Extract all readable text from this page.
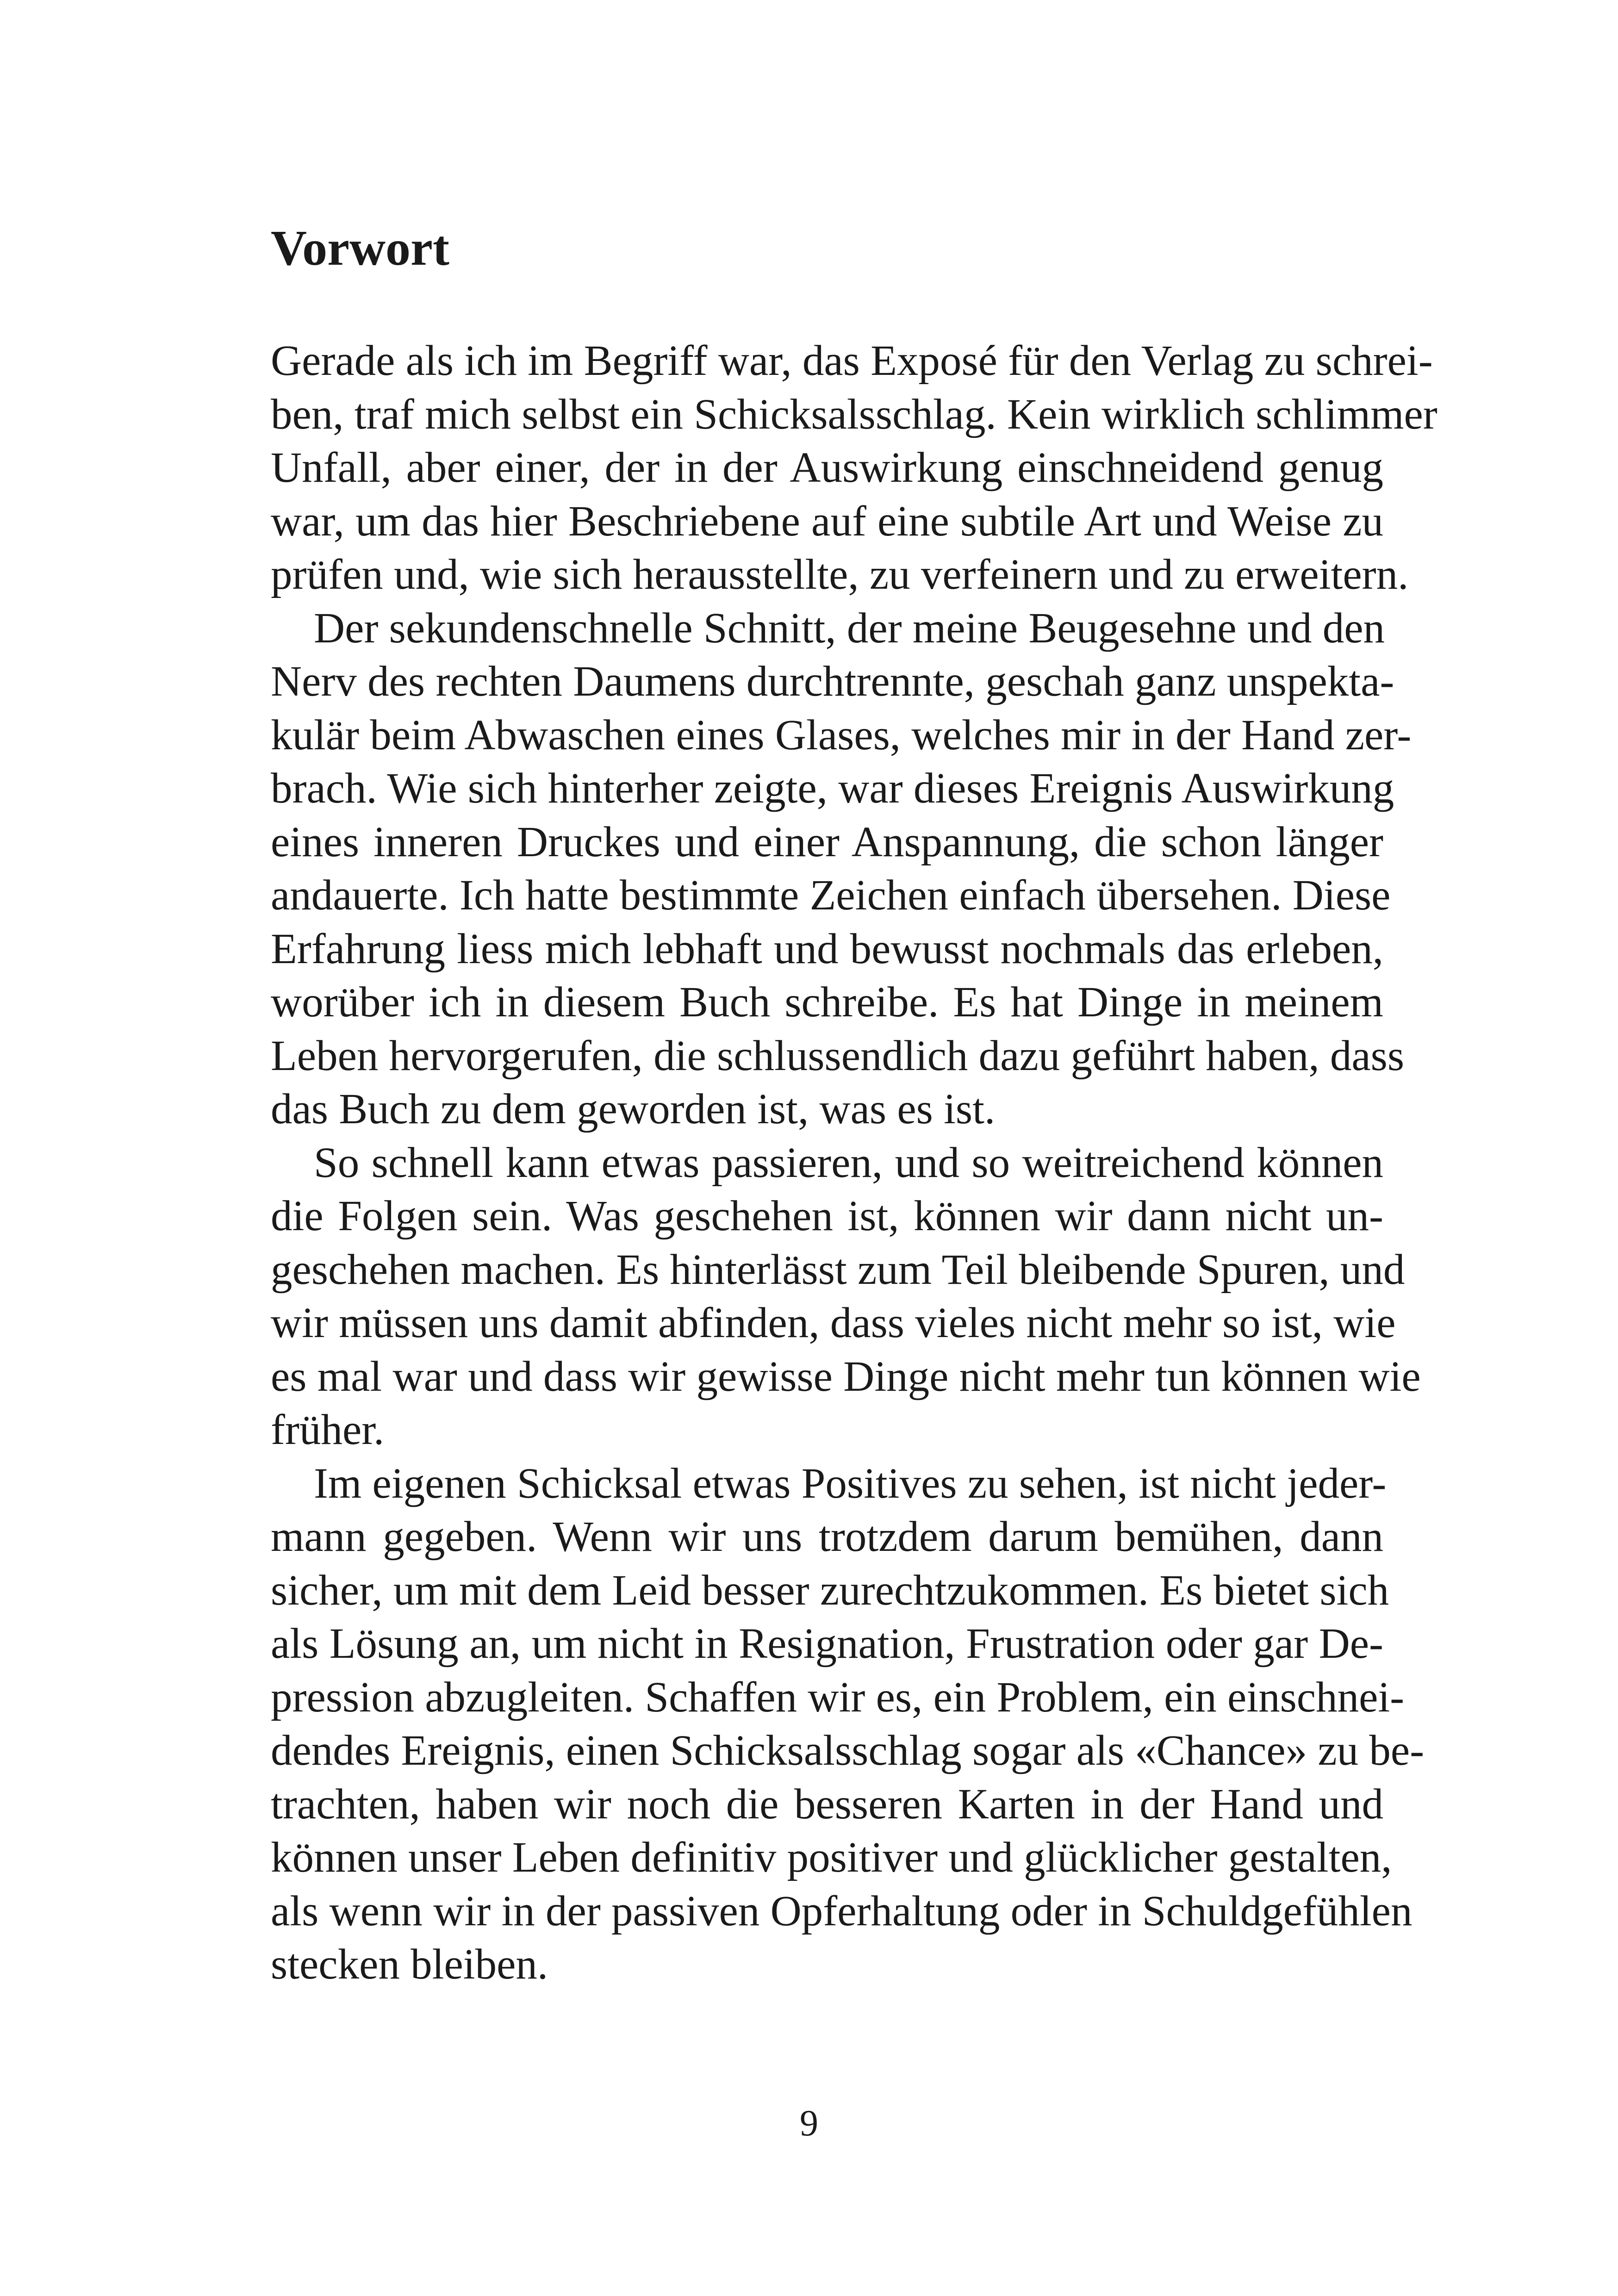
Vorwort
Gerade als ich im Begriff war, das Exposé für den Verlag zu schrei-
ben, traf mich selbst ein Schicksalsschlag. Kein wirklich schlimmer
Unfall, aber einer, der in der Auswirkung einschneidend genug
war, um das hier Beschriebene auf eine subtile Art und Weise zu
prüfen und, wie sich herausstellte, zu verfeinern und zu erweitern.
Der sekundenschnelle Schnitt, der meine Beugesehne und den
Nerv des rechten Daumens durchtrennte, geschah ganz unspekta-
kulär beim Abwaschen eines Glases, welches mir in der Hand zer-
brach. Wie sich hinterher zeigte, war dieses Ereignis Auswirkung
eines inneren Druckes und einer Anspannung, die schon länger
andauerte. Ich hatte bestimmte Zeichen einfach übersehen. Diese
Erfahrung liess mich lebhaft und bewusst nochmals das erleben,
worüber ich in diesem Buch schreibe. Es hat Dinge in meinem
Leben hervorgerufen, die schlussendlich dazu geführt haben, dass
das Buch zu dem geworden ist, was es ist.
So schnell kann etwas passieren, und so weitreichend können
die Folgen sein. Was geschehen ist, können wir dann nicht un-
geschehen machen. Es hinterlässt zum Teil bleibende Spuren, und
wir müssen uns damit abfinden, dass vieles nicht mehr so ist, wie
es mal war und dass wir gewisse Dinge nicht mehr tun können wie
früher.
Im eigenen Schicksal etwas Positives zu sehen, ist nicht jeder-
mann gegeben. Wenn wir uns trotzdem darum bemühen, dann
sicher, um mit dem Leid besser zurechtzukommen. Es bietet sich
als Lösung an, um nicht in Resignation, Frustration oder gar De-
pression abzugleiten. Schaffen wir es, ein Problem, ein einschnei-
dendes Ereignis, einen Schicksalsschlag sogar als «Chance» zu be-
trachten, haben wir noch die besseren Karten in der Hand und
können unser Leben definitiv positiver und glücklicher gestalten,
als wenn wir in der passiven Opferhaltung oder in Schuldgefühlen
stecken bleiben.
9
